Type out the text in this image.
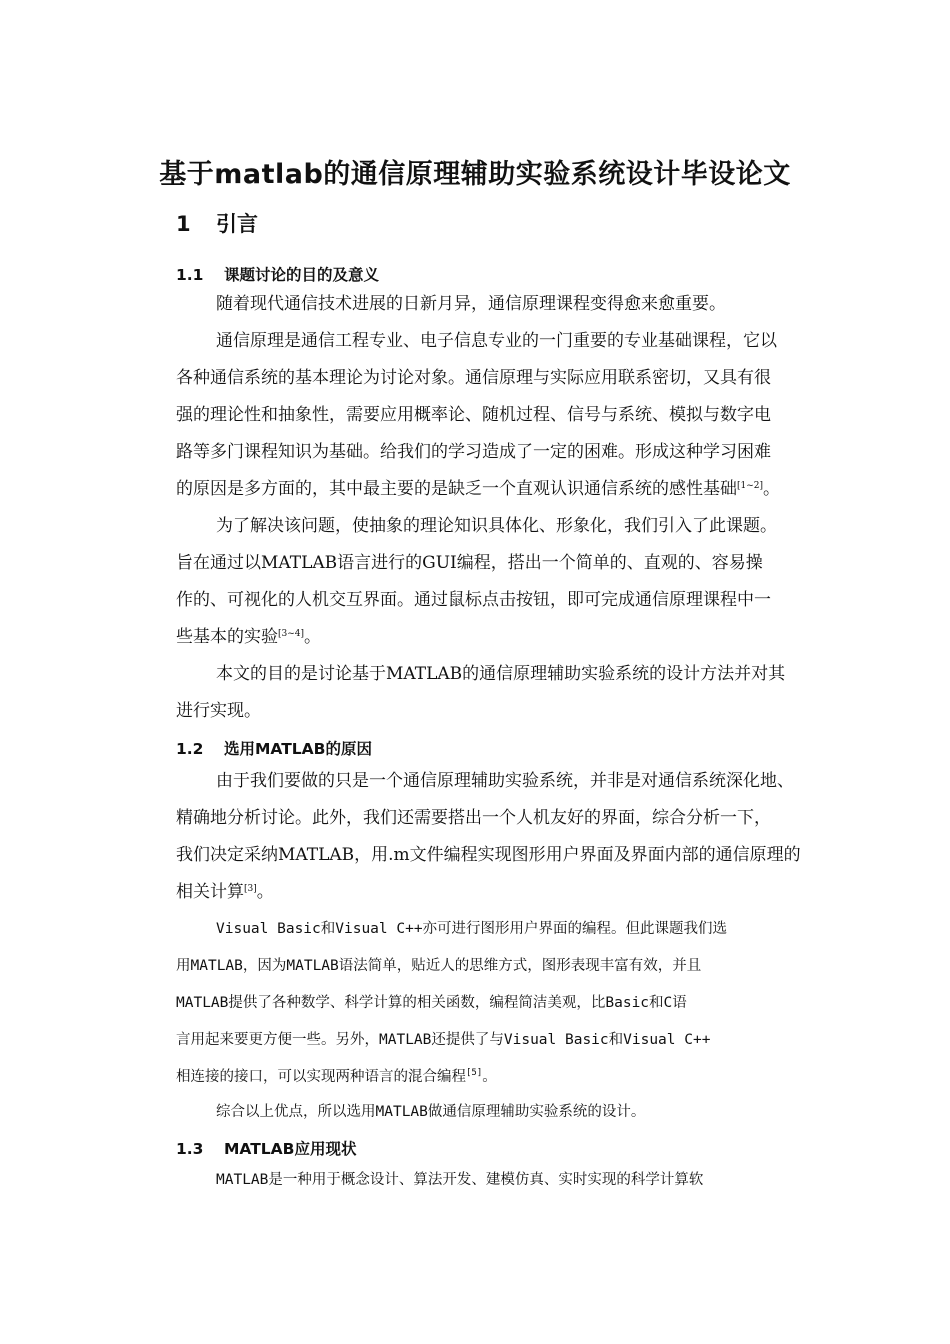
基于matlab的通信原理辅助实验系统设计毕设论文
1 引言
1.1 课题讨论的目的及意义

随着现代通信技术进展的日新月异，通信原理课程变得愈来愈重要。

通信原理是通信工程专业、电子信息专业的一门重要的专业基础课程，它以

各种通信系统的基本理论为讨论对象。通信原理与实际应用联系密切，又具有很

强的理论性和抽象性，需要应用概率论、随机过程、信号与系统、模拟与数字电

路等多门课程知识为基础。给我们的学习造成了一定的困难。形成这种学习困难

的原因是多方面的，其中最主要的是缺乏一个直观认识通信系统的感性基础[1~2]。

为了解决该问题，使抽象的理论知识具体化、形象化，我们引入了此课题。

旨在通过以MATLAB语言进行的GUI编程，搭出一个简单的、直观的、容易操

作的、可视化的人机交互界面。通过鼠标点击按钮，即可完成通信原理课程中一

些基本的实验[3~4]。

本文的目的是讨论基于MATLAB的通信原理辅助实验系统的设计方法并对其

进行实现。

1.2 选用MATLAB的原因

由于我们要做的只是一个通信原理辅助实验系统，并非是对通信系统深化地、

精确地分析讨论。此外，我们还需要搭出一个人机友好的界面，综合分析一下，

我们决定采纳MATLAB，用.m文件编程实现图形用户界面及界面内部的通信原理的

相关计算[3]。

Visual Basic和Visual C++亦可进行图形用户界面的编程。但此课题我们选

用MATLAB，因为MATLAB语法简单，贴近人的思维方式，图形表现丰富有效，并且

MATLAB提供了各种数学、科学计算的相关函数，编程简洁美观，比Basic和C语

言用起来要更方便一些。另外，MATLAB还提供了与Visual Basic和Visual C++

相连接的接口，可以实现两种语言的混合编程[5]。

综合以上优点，所以选用MATLAB做通信原理辅助实验系统的设计。

1.3 MATLAB应用现状

MATLAB是一种用于概念设计、算法开发、建模仿真、实时实现的科学计算软
